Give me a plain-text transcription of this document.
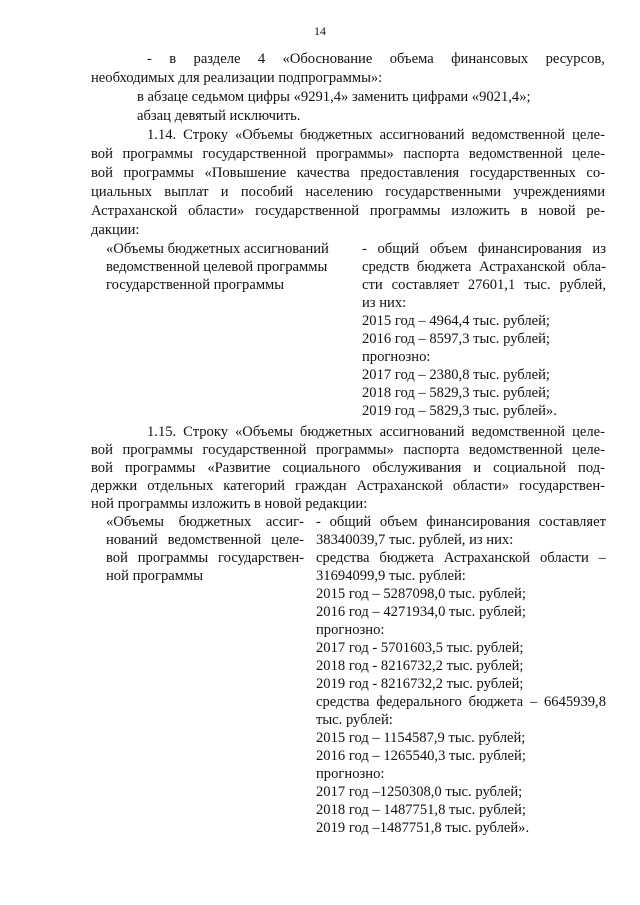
14
- в разделе 4 «Обоснование объема финансовых ресурсов,
необходимых для реализации подпрограммы»:
в абзаце седьмом цифры «9291,4» заменить цифрами «9021,4»;
абзац девятый исключить.
1.14. Строку «Объемы бюджетных ассигнований ведомственной целе-
вой программы государственной программы» паспорта ведомственной целе-
вой программы «Повышение качества предоставления государственных со-
циальных выплат и пособий населению государственными учреждениями
Астраханской области» государственной программы изложить в новой ре-
дакции:
«Объемы бюджетных ассигнований
ведомственной целевой программы
государственной программы
- общий объем финансирования из
средств бюджета Астраханской обла-
сти составляет 27601,1 тыс. рублей,
из них:
2015 год – 4964,4 тыс. рублей;
2016 год – 8597,3 тыс. рублей;
прогнозно:
2017 год – 2380,8 тыс. рублей;
2018 год – 5829,3 тыс. рублей;
2019 год – 5829,3 тыс. рублей».
1.15. Строку «Объемы бюджетных ассигнований ведомственной целе-
вой программы государственной программы» паспорта ведомственной целе-
вой программы «Развитие социального обслуживания и социальной под-
держки отдельных категорий граждан Астраханской области» государствен-
ной программы изложить в новой редакции:
«Объемы бюджетных ассиг-
нований ведомственной целе-
вой программы государствен-
ной программы
- общий объем финансирования составляет
38340039,7 тыс. рублей, из них:
средства бюджета Астраханской области –
31694099,9 тыс. рублей:
2015 год – 5287098,0 тыс. рублей;
2016 год – 4271934,0 тыс. рублей;
прогнозно:
2017 год - 5701603,5 тыс. рублей;
2018 год - 8216732,2 тыс. рублей;
2019 год - 8216732,2 тыс. рублей;
средства федерального бюджета – 6645939,8
тыс. рублей:
2015 год – 1154587,9 тыс. рублей;
2016 год – 1265540,3 тыс. рублей;
прогнозно:
2017 год –1250308,0 тыс. рублей;
2018 год – 1487751,8 тыс. рублей;
2019 год –1487751,8 тыс. рублей».
